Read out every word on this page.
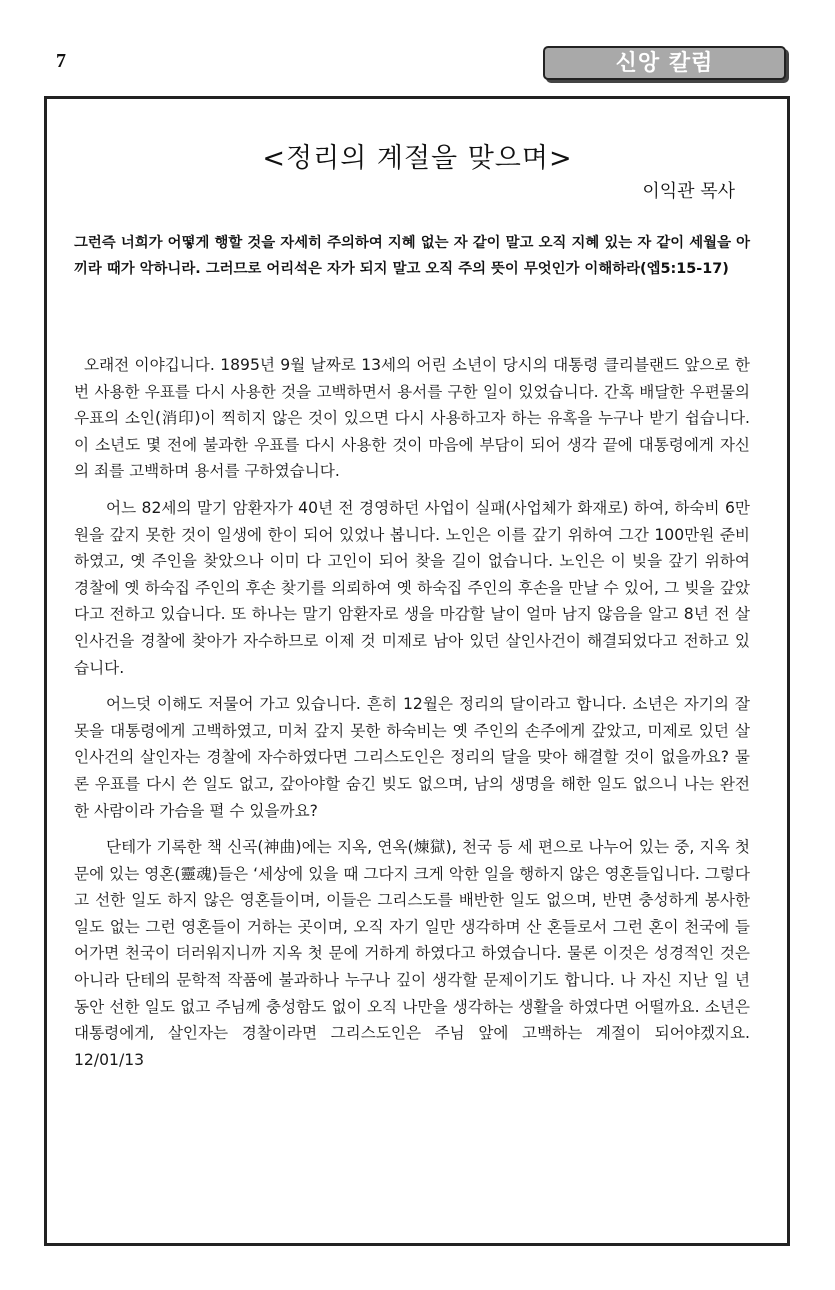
7	신앙 칼럼
<정리의 계절을 맞으며>
이익관 목사
그런즉 너희가 어떻게 행할 것을 자세히 주의하여 지혜 없는 자 같이 말고 오직 지혜 있는 자 같이 세월을 아끼라 때가 악하니라. 그러므로 어리석은 자가 되지 말고 오직 주의 뜻이 무엇인가 이해하라(엡5:15-17)

오래전 이야깁니다. 1895년 9월 날짜로 13세의 어린 소년이 당시의 대통령 클리블랜드 앞으로 한 번 사용한 우표를 다시 사용한 것을 고백하면서 용서를 구한 일이 있었습니다. 간혹 배달한 우편물의 우표의 소인(消印)이 찍히지 않은 것이 있으면 다시 사용하고자 하는 유혹을 누구나 받기 쉽습니다. 이 소년도 몇 전에 불과한 우표를 다시 사용한 것이 마음에 부담이 되어 생각 끝에 대통령에게 자신의 죄를 고백하며 용서를 구하였습니다.

어느 82세의 말기 암환자가 40년 전 경영하던 사업이 실패(사업체가 화재로) 하여, 하숙비 6만원을 갚지 못한 것이 일생에 한이 되어 있었나 봅니다. 노인은 이를 갚기 위하여 그간 100만원 준비하였고, 옛 주인을 찾았으나 이미 다 고인이 되어 찾을 길이 없습니다. 노인은 이 빚을 갚기 위하여 경찰에 옛 하숙집 주인의 후손 찾기를 의뢰하여 옛 하숙집 주인의 후손을 만날 수 있어, 그 빚을 갚았다고 전하고 있습니다. 또 하나는 말기 암환자로 생을 마감할 날이 얼마 남지 않음을 알고 8년 전 살인사건을 경찰에 찾아가 자수하므로 이제 것 미제로 남아 있던 살인사건이 해결되었다고 전하고 있습니다.

어느덧 이해도 저물어 가고 있습니다. 흔히 12월은 정리의 달이라고 합니다. 소년은 자기의 잘못을 대통령에게 고백하였고, 미처 갚지 못한 하숙비는 옛 주인의 손주에게 갚았고, 미제로 있던 살인사건의 살인자는 경찰에 자수하였다면 그리스도인은 정리의 달을 맞아 해결할 것이 없을까요? 물론 우표를 다시 쓴 일도 없고, 갚아야할 숨긴 빚도 없으며, 남의 생명을 해한 일도 없으니 나는 완전한 사람이라 가슴을 펼 수 있을까요?

단테가 기록한 책 신곡(神曲)에는 지옥, 연옥(煉獄), 천국 등 세 편으로 나누어 있는 중, 지옥 첫 문에 있는 영혼(靈魂)들은 ‘세상에 있을 때 그다지 크게 악한 일을 행하지 않은 영혼들입니다. 그렇다고 선한 일도 하지 않은 영혼들이며, 이들은 그리스도를 배반한 일도 없으며, 반면 충성하게 봉사한 일도 없는 그런 영혼들이 거하는 곳이며, 오직 자기 일만 생각하며 산 혼들로서 그런 혼이 천국에 들어가면 천국이 더러워지니까 지옥 첫 문에 거하게 하였다고 하였습니다. 물론 이것은 성경적인 것은 아니라 단테의 문학적 작품에 불과하나 누구나 깊이 생각할 문제이기도 합니다. 나 자신 지난 일 년 동안 선한 일도 없고 주님께 충성함도 없이 오직 나만을 생각하는 생활을 하였다면 어떨까요. 소년은 대통령에게, 살인자는 경찰이라면 그리스도인은 주님 앞에 고백하는 계절이 되어야겠지요. 12/01/13
